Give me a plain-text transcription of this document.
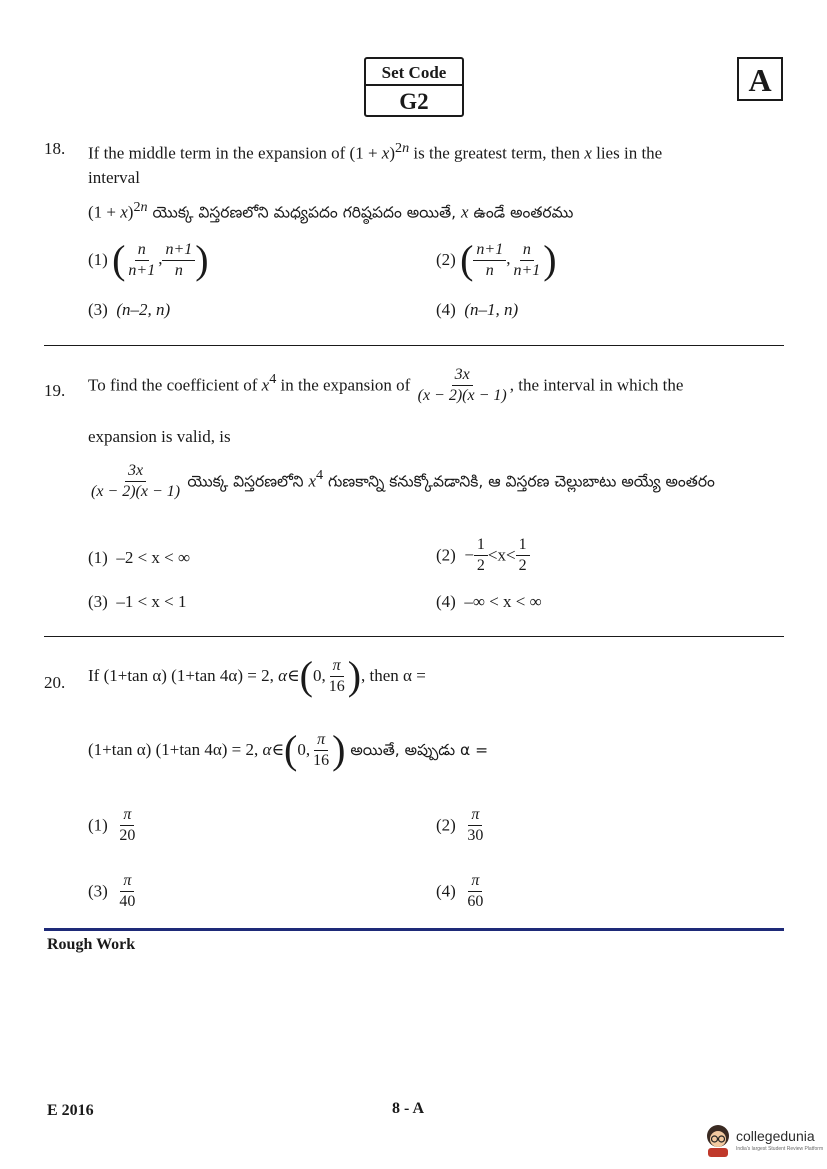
Set Code
G2
A
18. If the middle term in the expansion of $(1 + x)^{2n}$ is the greatest term, then x lies in the
interval
$(1 + x)^{2n}$ యొక్క విస్తరణలోని మధ్యపదం గరిష్ఠపదం అయితే, x ఉండే అంతరము
(1) ( $\frac{n}{n+1}$ , $\frac{n+1}{n}$ )	(2) ( $\frac{n+1}{n}$ , $\frac{n}{n+1}$ )
(3) (n–2, n)	(4) (n–1, n)
19. To find the coefficient of $x^4$ in the expansion of $\frac{3x}{(x - 2)(x - 1)}$ , the interval in which the
expansion is valid, is
$\frac{3x}{(x - 2)(x - 1)}$ యొక్క విస్తరణలోని $x^4$ గుణకాన్ని కనుక్కోవడానికి, ఆ విస్తరణ చెల్లుబాటు అయ్యే అంతరం
(1) –2 < x < ∞	$(2) - \frac{1}{2} <x< \frac{1}{2}$
(3) –1 < x < 1	(4) –∞ < x < ∞
20. If (1+tan α) (1+tan 4α) = 2, α∈(0, $\frac{\pi}{16}$ ), then α =
(1+tan α) (1+tan 4α) = 2, α∈(0, $\frac{\pi}{16}$ ) అయితే, అప్పుడు α =
$(1) \frac{\pi}{20}$	$(2) \frac{\pi}{30}$
$(3) \frac{\pi}{40}$	$(4) \frac{\pi}{60}$
Rough Work
E 2016	8 - A
collegedunia
India's largest Student Review Platform
